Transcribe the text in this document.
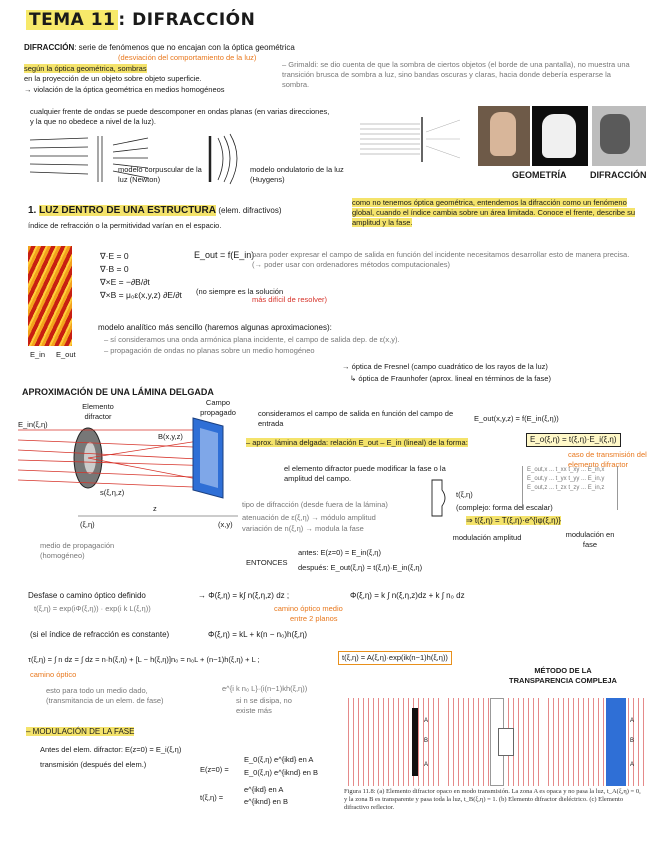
TEMA 11 : DIFRACCIÓN
DIFRACCIÓN: serie de fenómenos que no encajan con la óptica geométrica
(desviación del comportamiento de la luz)
según la óptica geométrica, sombras
en la proyección de un objeto sobre objeto superficie.
→ violación de la óptica geométrica en medios homogéneos
– Grimaldi: se dio cuenta de que la sombra de ciertos objetos (el borde de una pantalla), no muestra una transición brusca de sombra a luz, sino bandas oscuras y claras, hacia donde debería esperarse la sombra.
cualquier frente de ondas se puede descomponer en ondas planas (en varias direcciones, y la que no obedece a nivel de la luz).
modelo corpuscular de la luz (Newton)
modelo ondulatorio de la luz (Huygens)	GEOMETRÍA	DIFRACCIÓN
1. LUZ DENTRO DE UNA ESTRUCTURA (elem. difractivos)
índice de refracción o la permitividad varían en el espacio.
como no tenemos óptica geométrica, entendemos la difracción como un fenómeno global, cuando el índice cambia sobre un área limitada. Conoce el frente, describe su amplitud y la fase.
E_in E_out
∇·E = 0
∇·B = 0
∇×E = −∂B/∂t
∇×B = μ₀ε(x,y,z) ∂E/∂t
E_out = f(E_in)
para poder expresar el campo de salida en función del incidente necesitamos desarrollar esto de manera precisa. (→ poder usar con ordenadores métodos computacionales)
(no siempre es la solución
más difícil de resolver)
modelo analítico más sencillo (haremos algunas aproximaciones):
– sí consideramos una onda armónica plana incidente, el campo de salida dep. de ε(x,y).
– propagación de ondas no planas sobre un medio homogéneo
→ óptica de Fresnel (campo cuadrático de los rayos de la luz)
↳ óptica de Fraunhofer (aprox. lineal en términos de la fase)
APROXIMACIÓN DE UNA LÁMINA DELGADA
E_in(ξ,η)
Elemento difractor
Campo propagado
B(x,y,z)
s(ξ,η,z)
(ξ,η)	(x,y)
z
medio de propagación (homogéneo)
consideramos el campo de salida en función del campo de entrada
E_out(x,y,z) = f(E_in(ξ,η))
– aprox. lámina delgada: relación E_out – E_in (lineal) de la forma:	E_o(ξ,η) = t(ξ,η)·E_i(ξ,η)
caso de transmisión del elemento difractor
el elemento difractor puede modificar la fase o la amplitud del campo.
t(ξ,η)
E_out,x ... t_xx t_xy ... E_in,x
E_out,y ... t_yx t_yy ... E_in,y
E_out,z ... t_zx t_zy ... E_in,z
tipo de difracción (desde fuera de la lámina)
atenuación de ε(ξ,η) → módulo amplitud
variación de n(ξ,η) → modula la fase
(complejo: forma del escalar)
⇒ t(ξ,η) = T(ξ,η)·e^{iφ(ξ,η)}
modulación amplitud	modulación en fase
ENTONCES
antes: E(z=0) = E_in(ξ,η)
después: E_out(ξ,η) = t(ξ,η)·E_in(ξ,η)
Desfase o camino óptico definido	→ Φ(ξ,η) = k∫ n(ξ,η,z) dz ;	Φ(ξ,η) = k ∫ n(ξ,η,z)dz + k ∫ n₀ dz
t(ξ,η) = exp(iΦ(ξ,η)) · exp(i k L(ξ,η))	camino óptico medio
entre 2 planos
(si el índice de refracción es constante)	Φ(ξ,η) = kL + k(n − n₀)h(ξ,η)
τ(ξ,η) = ∫ n dz = ∫ dz = n·h(ξ,η) + [L − h(ξ,η)]n₀ = n₀L + (n−1)h(ξ,η) + L ;	t(ξ,η) = A(ξ,η)·exp(ik(n−1)h(ξ,η))
camino óptico
esto para todo un medio dado,
(transmitancia de un elem. de fase)
e^{i k n₀ L}·(i(n−1)kh(ξ,η))
si n se disipa, no existe más
– MODULACIÓN DE LA FASE
Antes del elem. difractor: E(z=0) = E_i(ξ,η)
transmisión (después del elem.)
E(z=0) =
E_0(ξ,η) e^{ikd} en A
E_0(ξ,η) e^{iknd} en B
t(ξ,η) =
e^{ikd} en A
e^{iknd} en B
MÉTODO DE LA TRANSPARENCIA COMPLEJA
A
B
A
A
B
A
Figura 11.8: (a) Elemento difractor opaco en modo transmisión. La zona A es opaca y no pasa la luz, t_A(ξ,η) = 0, y la zona B es transparente y pasa toda la luz, t_B(ξ,η) = 1. (b) Elemento difractor dieléctrico. (c) Elemento difractivo reflector.
